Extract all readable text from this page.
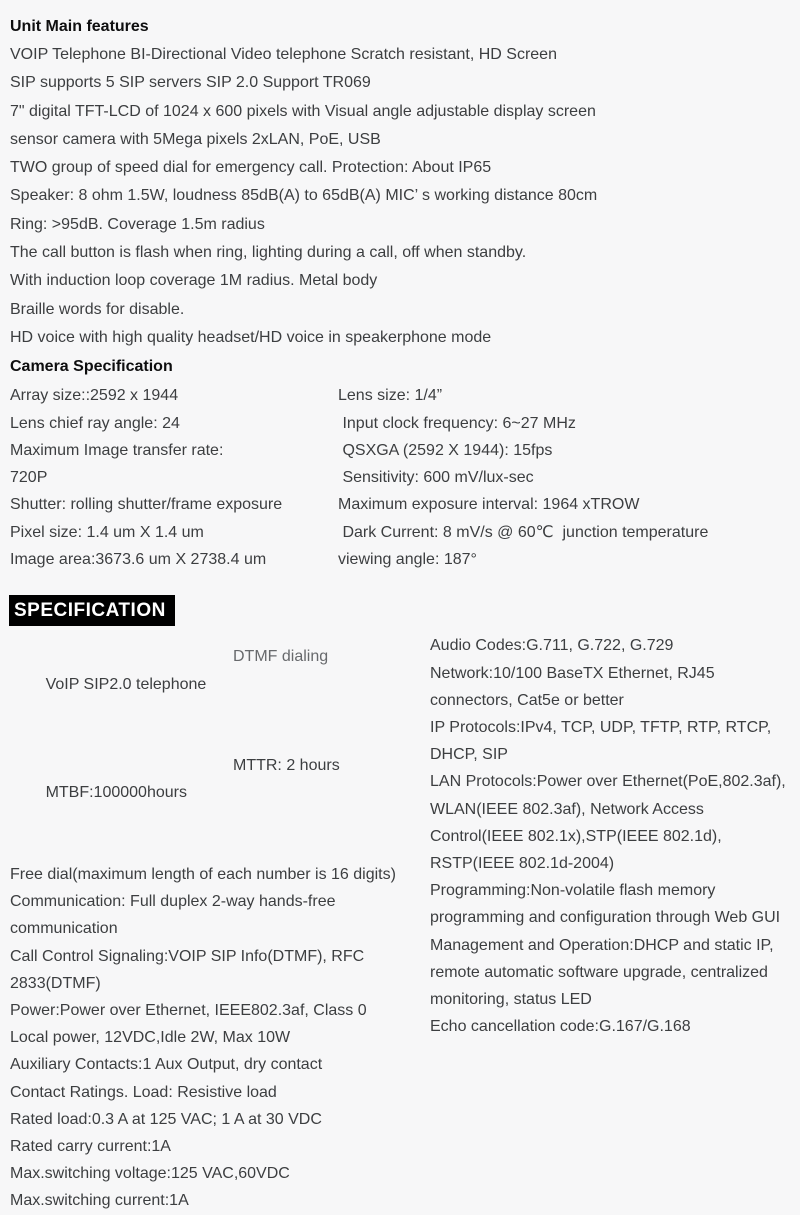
Unit Main features
VOIP Telephone BI-Directional Video telephone Scratch resistant, HD Screen
SIP supports 5 SIP servers SIP 2.0 Support TR069
7" digital TFT-LCD of 1024 x 600 pixels with Visual angle adjustable display screen
sensor camera with 5Mega pixels 2xLAN, PoE, USB
TWO group of speed dial for emergency call. Protection: About IP65
Speaker: 8 ohm 1.5W, loudness 85dB(A) to 65dB(A) MIC’ s working distance 80cm
Ring: >95dB. Coverage 1.5m radius
The call button is flash when ring, lighting during a call, off when standby.
With induction loop coverage 1M radius. Metal body
Braille words for disable.
HD voice with high quality headset/HD voice in speakerphone mode
Camera Specification
Array size::2592 x 1944	Lens size: 1/4”
Lens chief ray angle: 24	Input clock frequency: 6~27 MHz
Maximum Image transfer rate:	QSXGA (2592 X 1944): 15fps
720P	Sensitivity: 600 mV/lux-sec
Shutter: rolling shutter/frame exposure	Maximum exposure interval: 1964 xTROW
Pixel size: 1.4 um X 1.4 um	Dark Current: 8 mV/s @ 60℃  junction temperature
Image area:3673.6 um X 2738.4 um	viewing angle: 187°
SPECIFICATION

VoIP SIP2.0 telephone

DTMF dialing

MTBF:100000hours

MTTR: 2 hours

Free dial(maximum length of each number is 16 digits)
Communication: Full duplex 2-way hands-free
communication
Call Control Signaling:VOIP SIP Info(DTMF), RFC
2833(DTMF)
Power:Power over Ethernet, IEEE802.3af, Class 0
Local power, 12VDC,Idle 2W, Max 10W
Auxiliary Contacts:1 Aux Output, dry contact
Contact Ratings. Load: Resistive load
Rated load:0.3 A at 125 VAC; 1 A at 30 VDC
Rated carry current:1A
Max.switching voltage:125 VAC,60VDC
Max.switching current:1A
Audio Codes:G.711, G.722, G.729
Network:10/100 BaseTX Ethernet, RJ45
connectors, Cat5e or better
IP Protocols:IPv4, TCP, UDP, TFTP, RTP, RTCP,
DHCP, SIP
LAN Protocols:Power over Ethernet(PoE,802.3af),
WLAN(IEEE 802.3af), Network Access
Control(IEEE 802.1x),STP(IEEE 802.1d),
RSTP(IEEE 802.1d-2004)
Programming:Non-volatile flash memory
programming and configuration through Web GUI
Management and Operation:DHCP and static IP,
remote automatic software upgrade, centralized
monitoring, status LED
Echo cancellation code:G.167/G.168
